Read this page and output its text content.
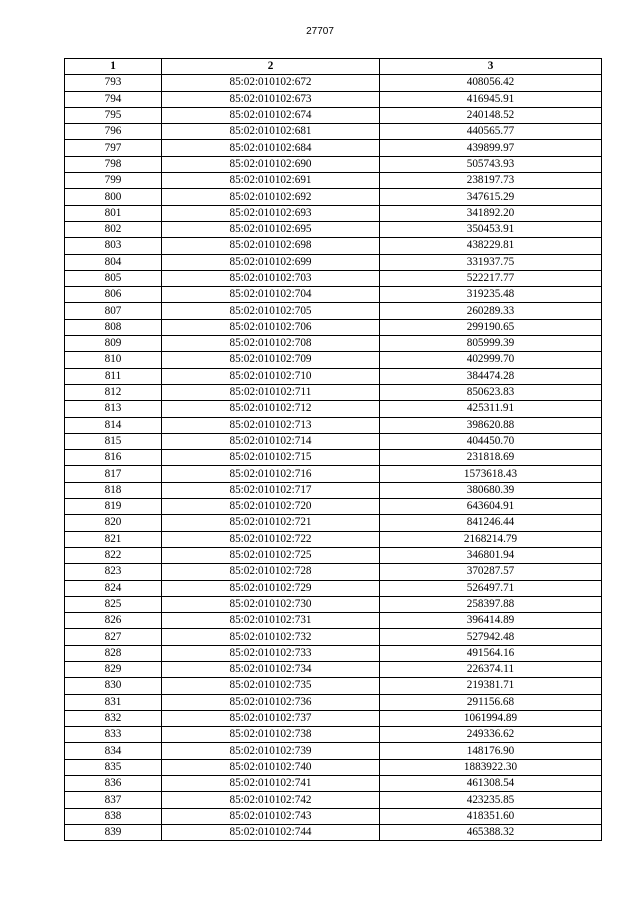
27707
1	2	3
793	85:02:010102:672	408056.42
794	85:02:010102:673	416945.91
795	85:02:010102:674	240148.52
796	85:02:010102:681	440565.77
797	85:02:010102:684	439899.97
798	85:02:010102:690	505743.93
799	85:02:010102:691	238197.73
800	85:02:010102:692	347615.29
801	85:02:010102:693	341892.20
802	85:02:010102:695	350453.91
803	85:02:010102:698	438229.81
804	85:02:010102:699	331937.75
805	85:02:010102:703	522217.77
806	85:02:010102:704	319235.48
807	85:02:010102:705	260289.33
808	85:02:010102:706	299190.65
809	85:02:010102:708	805999.39
810	85:02:010102:709	402999.70
811	85:02:010102:710	384474.28
812	85:02:010102:711	850623.83
813	85:02:010102:712	425311.91
814	85:02:010102:713	398620.88
815	85:02:010102:714	404450.70
816	85:02:010102:715	231818.69
817	85:02:010102:716	1573618.43
818	85:02:010102:717	380680.39
819	85:02:010102:720	643604.91
820	85:02:010102:721	841246.44
821	85:02:010102:722	2168214.79
822	85:02:010102:725	346801.94
823	85:02:010102:728	370287.57
824	85:02:010102:729	526497.71
825	85:02:010102:730	258397.88
826	85:02:010102:731	396414.89
827	85:02:010102:732	527942.48
828	85:02:010102:733	491564.16
829	85:02:010102:734	226374.11
830	85:02:010102:735	219381.71
831	85:02:010102:736	291156.68
832	85:02:010102:737	1061994.89
833	85:02:010102:738	249336.62
834	85:02:010102:739	148176.90
835	85:02:010102:740	1883922.30
836	85:02:010102:741	461308.54
837	85:02:010102:742	423235.85
838	85:02:010102:743	418351.60
839	85:02:010102:744	465388.32
